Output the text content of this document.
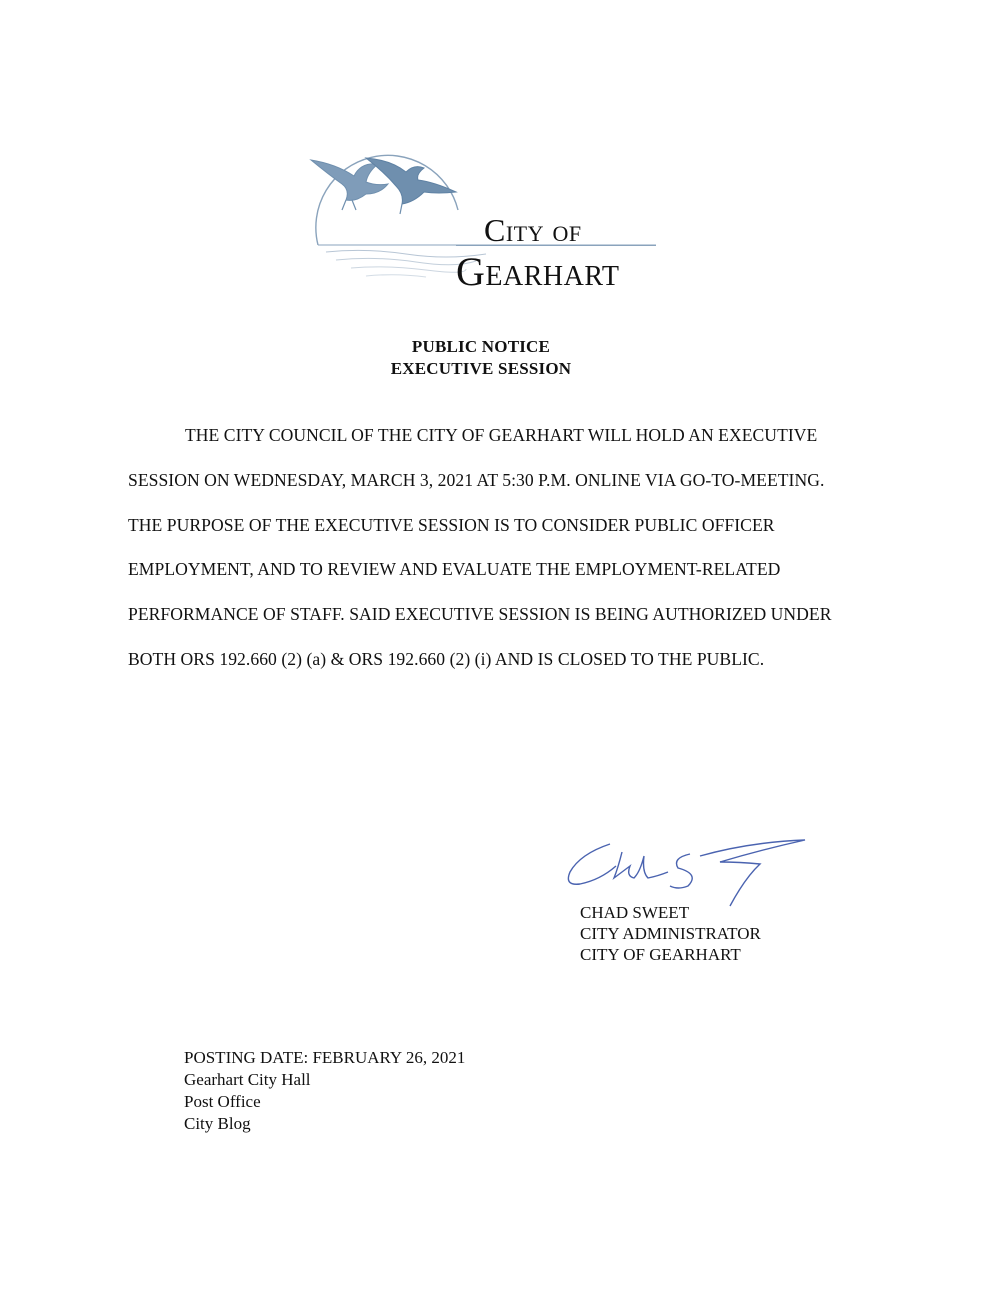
City of
Gearhart
PUBLIC NOTICE
EXECUTIVE SESSION
THE CITY COUNCIL OF THE CITY OF GEARHART WILL HOLD AN EXECUTIVE SESSION ON WEDNESDAY, MARCH 3, 2021 AT 5:30 P.M. ONLINE VIA GO-TO-MEETING. THE PURPOSE OF THE EXECUTIVE SESSION IS TO CONSIDER PUBLIC OFFICER EMPLOYMENT, AND TO REVIEW AND EVALUATE THE EMPLOYMENT-RELATED PERFORMANCE OF STAFF. SAID EXECUTIVE SESSION IS BEING AUTHORIZED UNDER BOTH ORS 192.660 (2) (a) & ORS 192.660 (2) (i) AND IS CLOSED TO THE PUBLIC.
CHAD SWEET
CITY ADMINISTRATOR
CITY OF GEARHART
POSTING DATE: FEBRUARY 26, 2021
Gearhart City Hall
Post Office
City Blog
